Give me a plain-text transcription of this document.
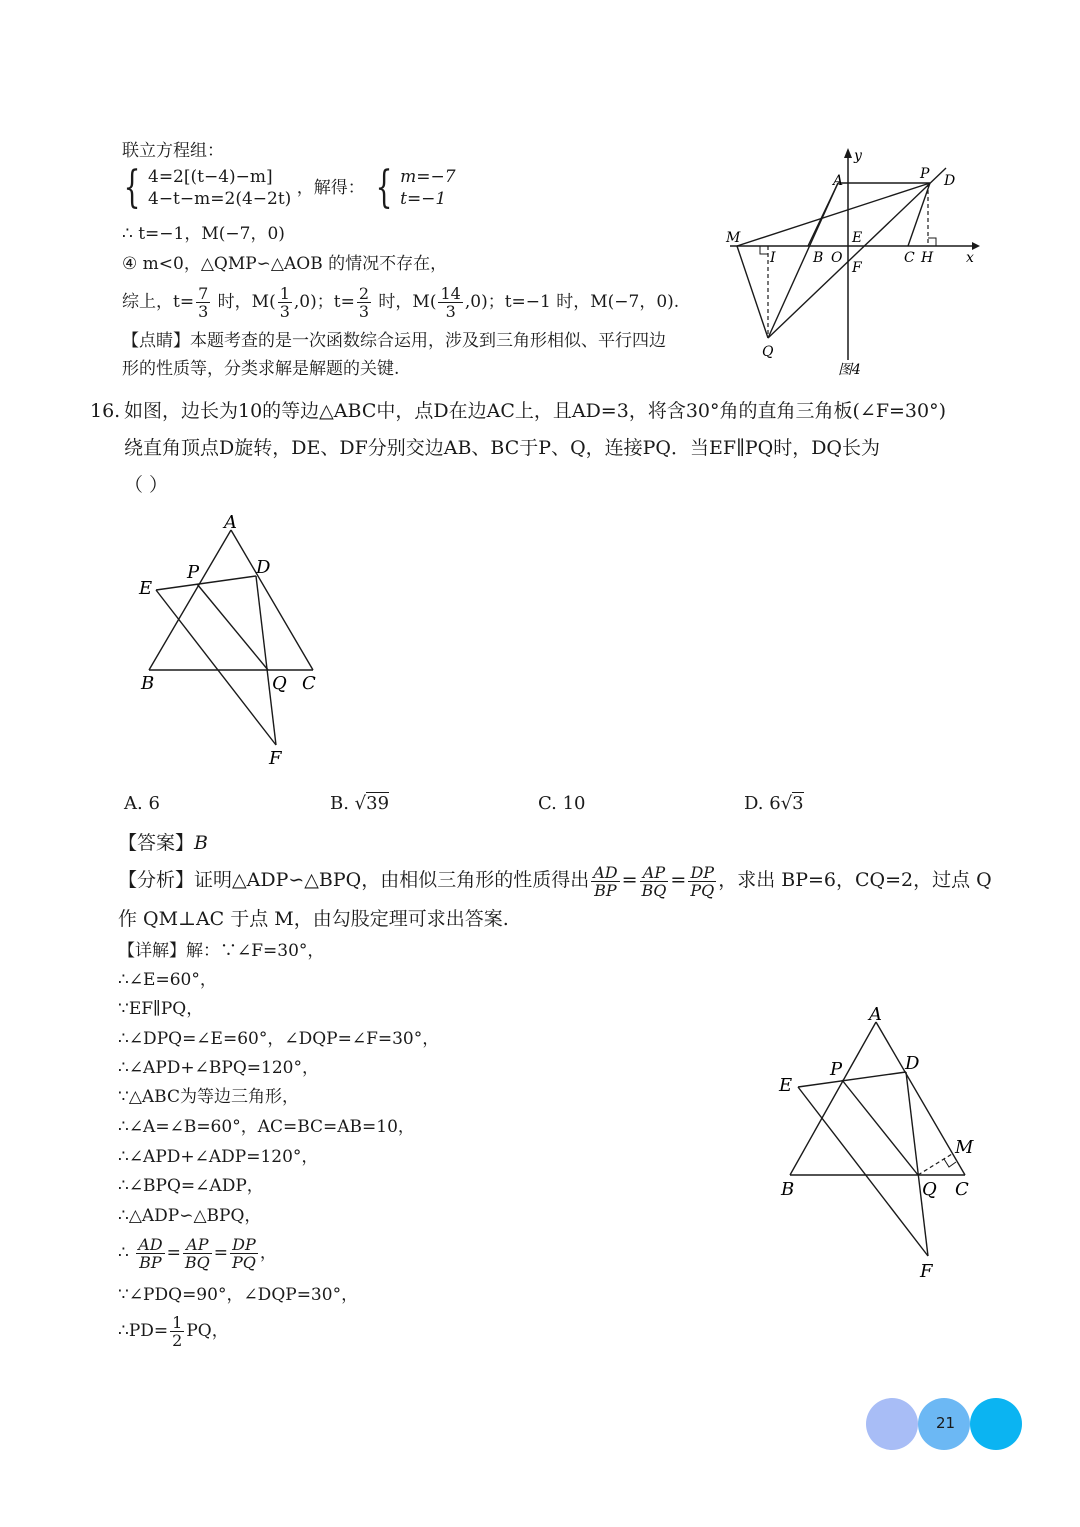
联立方程组：
{ 4=2[(t−4)−m]
4−t−m=2(4−2t)
，解得： { m=−7
t=−1
∴ t=−1，M(−7，0)
④ m<0，△QMP∽△AOB 的情况不存在，
综上，$t= \frac{7}{3}$ 时，$M( \frac{1}{3} ,0)$；$t= \frac{2}{3}$ 时，$M( \frac{14}{3} ,0)$；t=−1 时，M(−7，0).
【点睛】本题考查的是一次函数综合运用，涉及到三角形相似、平行四边
形的性质等，分类求解是解题的关键.
y
x
A	P D
M
I	B O
E
F
C H
Q
图4
16. 如图，边长为10的等边△ABC中，点D在边AC上，且AD=3，将含30°角的直角三角板(∠F=30°)
绕直角顶点D旋转，DE、DF分别交边AB、BC于P、Q，连接PQ．当EF∥PQ时，DQ长为
（ ）
A
P	D
E
B	Q C
F
A. 6	B. √39	C. 10	D. 6√3
【答案】B
【分析】证明△ADP∽△BPQ，由相似三角形的性质得出 $\frac{AD}{BP} = \frac{AP}{BQ} = \frac{DP}{PQ}$ ，求出 BP=6，CQ=2，过点 Q
作 QM⊥AC 于点 M，由勾股定理可求出答案.
【详解】解：∵∠F=30°，
∴∠E=60°，
∵EF∥PQ，
∴∠DPQ=∠E=60°，∠DQP=∠F=30°，
∴∠APD+∠BPQ=120°，
∵△ABC为等边三角形，
∴∠A=∠B=60°，AC=BC=AB=10，
∴∠APD+∠ADP=120°，
∴∠BPQ=∠ADP，
∴△ADP∽△BPQ，
∴ $\frac{AD}{BP} = \frac{AP}{BQ} = \frac{DP}{PQ}$ ，
∵∠PDQ=90°，∠DQP=30°，
∴PD= $\frac{1}{2}$ PQ，
A
P	D
E
M
B	Q C
F
21
